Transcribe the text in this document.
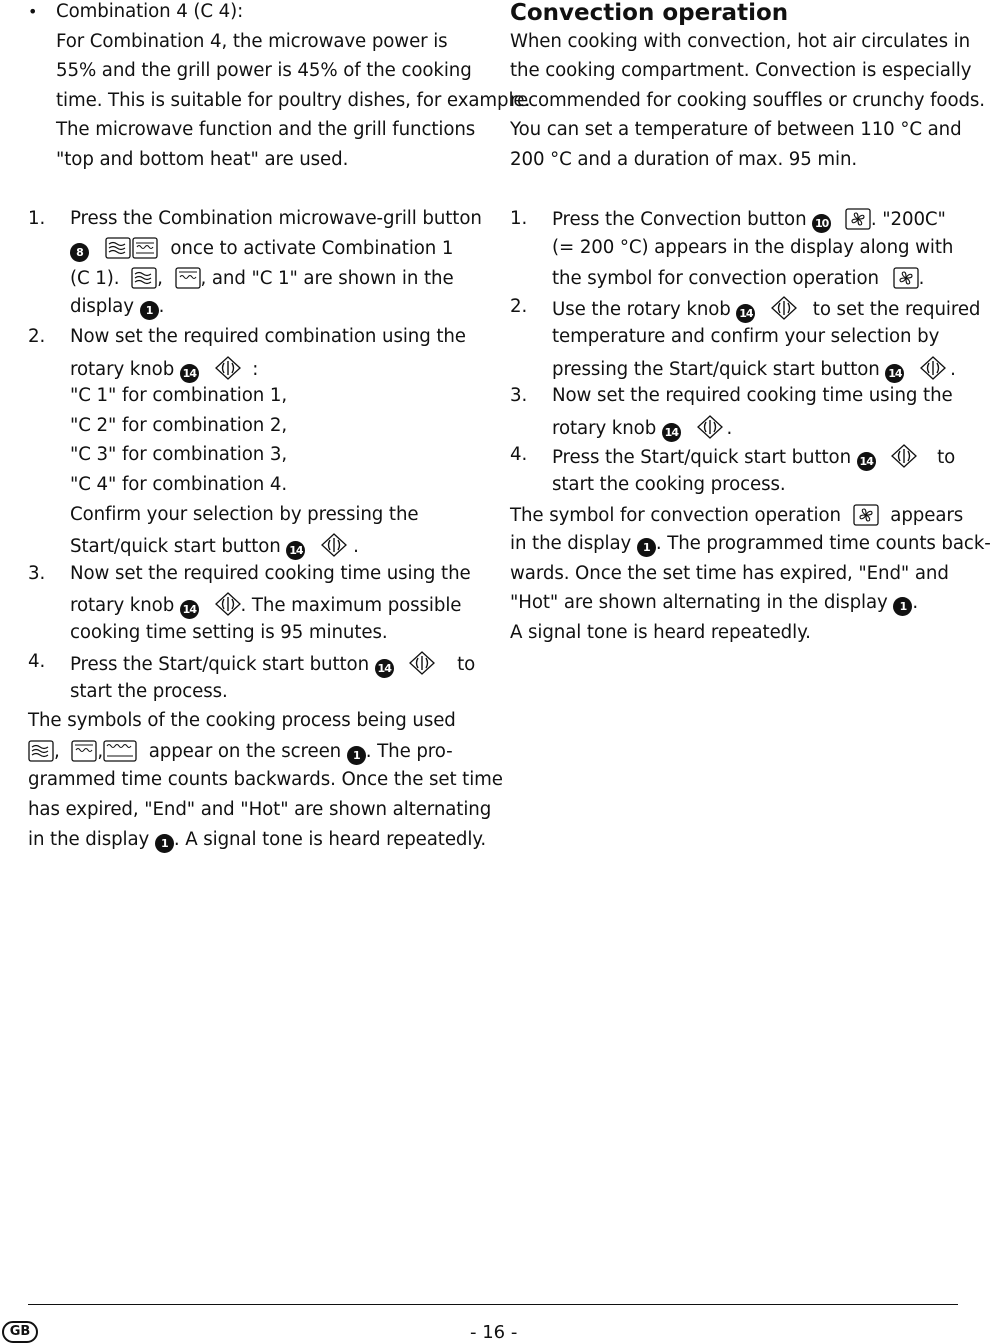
• Combination 4 (C 4):
For Combination 4, the microwave power is
55% and the grill power is 45% of the cooking
time. This is suitable for poultry dishes, for example.
The microwave function and the grill functions
"top and bottom heat" are used.
1. Press the Combination microwave-grill button
8	once to activate Combination 1
(C 1). , , and "C 1" are shown in the
display 1 .
2. Now set the required combination using the
rotary knob 14	:
"C 1" for combination 1,
"C 2" for combination 2,
"C 3" for combination 3,
"C 4" for combination 4.
Confirm your selection by pressing the
Start/quick start button 14	.
3. Now set the required cooking time using the
rotary knob 14 . The maximum possible
cooking time setting is 95 minutes.
4. Press the Start/quick start button 14	to
start the process.
The symbols of the cooking process being used
, ,	appear on the screen 1 . The pro-
grammed time counts backwards. Once the set time
has expired, "End" and "Hot" are shown alternating
in the display 1 . A signal tone is heard repeatedly.
Convection operation
When cooking with convection, hot air circulates in
the cooking compartment. Convection is especially
recommended for cooking souffles or crunchy foods.
You can set a temperature of between 110 °C and
200 °C and a duration of max. 95 min.
1. Press the Convection button 10 . "200C"
(= 200 °C) appears in the display along with
the symbol for convection operation .
2. Use the rotary knob 14	to set the required
temperature and confirm your selection by
pressing the Start/quick start button 14	.
3. Now set the required cooking time using the
rotary knob 14	.
4. Press the Start/quick start button 14	to
start the cooking process.
The symbol for convection operation	appears
in the display 1 . The programmed time counts back-
wards. Once the set time has expired, "End" and
"Hot" are shown alternating in the display 1 .
A signal tone is heard repeatedly.
GB	- 16 -
